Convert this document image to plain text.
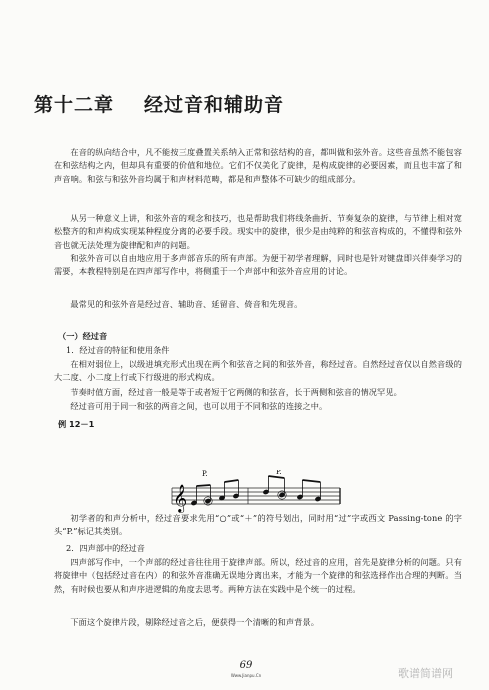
第十二章 经过音和辅助音

在音的纵向结合中，凡不能按三度叠置关系纳入正常和弦结构的音，都叫做和弦外音。这些音虽然不能包容在和弦结构之内，但却具有重要的价值和地位。它们不仅美化了旋律，是构成旋律的必要因素，而且也丰富了和声音响。和弦与和弦外音均属于和声材料范畴，都是和声整体不可缺少的组成部分。

从另一种意义上讲，和弦外音的观念和技巧，也是帮助我们将线条曲折、节奏复杂的旋律，与节律上相对宽松整齐的和声构成实现某种程度分离的必要手段。现实中的旋律，很少是由纯粹的和弦音构成的，不懂得和弦外音也就无法处理为旋律配和声的问题。

和弦外音可以自由地应用于多声部音乐的所有声部。为便于初学者理解，同时也是针对键盘即兴伴奏学习的需要，本教程特别是在四声部写作中，将侧重于一个声部中和弦外音应用的讨论。

最常见的和弦外音是经过音、辅助音、延留音、倚音和先现音。

（一）经过音

1．经过音的特征和使用条件

在相对弱位上，以级进填充形式出现在两个和弦音之间的和弦外音，称经过音。自然经过音仅以自然音级的大二度、小二度上行或下行级进的形式构成。

节奏时值方面，经过音一般是等于或者短于它两侧的和弦音，长于两侧和弦音的情况罕见。

经过音可用于同一和弦的两音之间，也可以用于不同和弦的连接之中。

例 12－1

𝄞
P.	P.

初学者的和声分析中，经过音要求先用“○”或“＋”的符号划出，同时用“过”字或西文 Passing-tone 的字头“P.”标记其类别。

2．四声部中的经过音

四声部写作中，一个声部的经过音往往用于旋律声部。所以，经过音的应用，首先是旋律分析的问题。只有将旋律中（包括经过音在内）的和弦外音准确无误地分离出来，才能为一个旋律的和弦选择作出合理的判断。当然，有时候也要从和声序进逻辑的角度去思考。两种方法在实践中是个统一的过程。

下面这个旋律片段，剔除经过音之后，便获得一个清晰的和声背景。

69

Www.Jianpu.Cn	歌谱简谱网
